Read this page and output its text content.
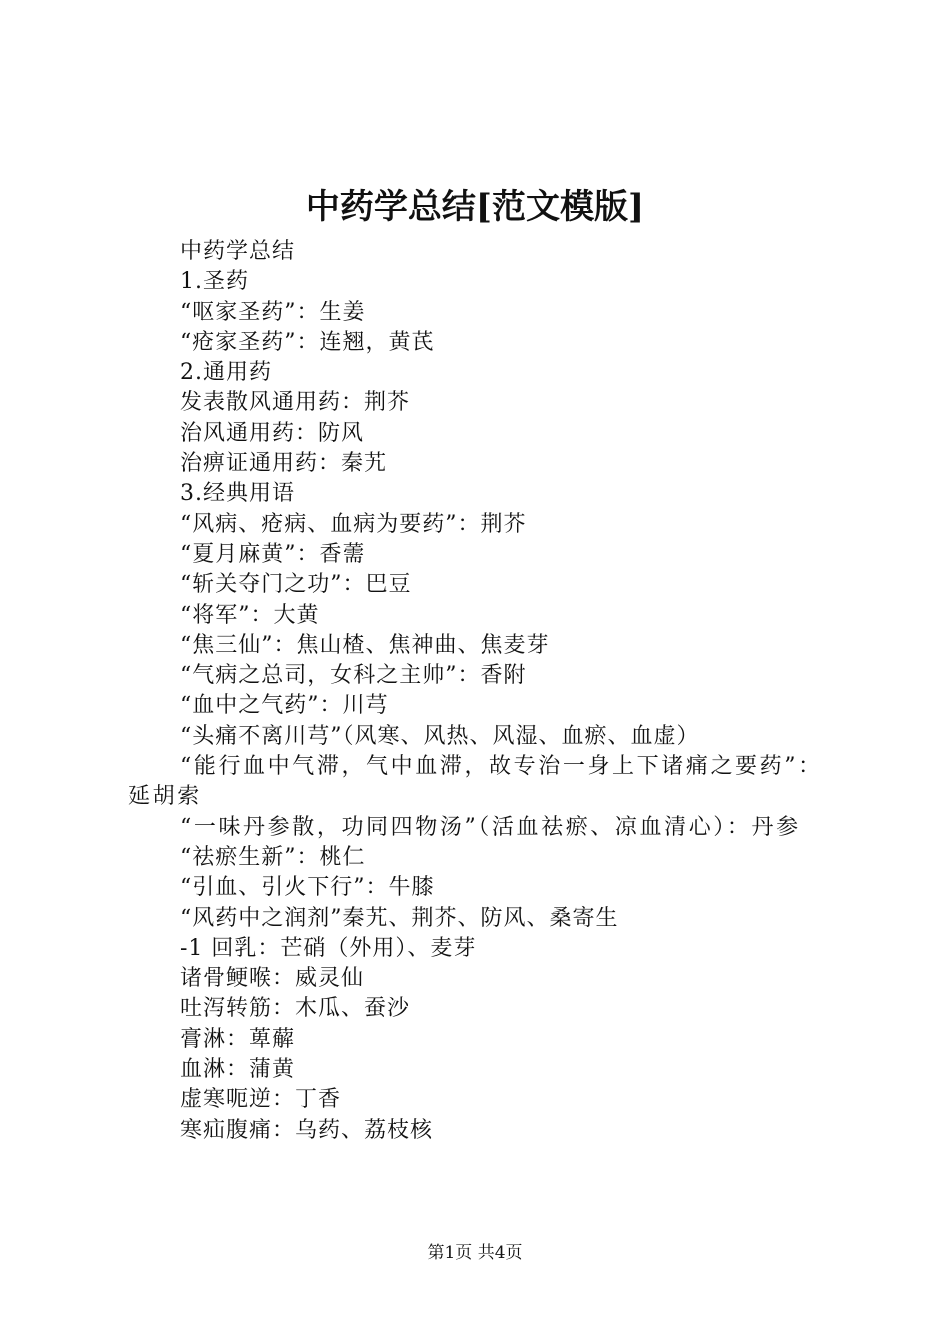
中药学总结[范文模版]
中药学总结
1.圣药
“呕家圣药”：生姜
“疮家圣药”：连翘，黄芪
2.通用药
发表散风通用药：荆芥
治风通用药：防风
治痹证通用药：秦艽
3.经典用语
“风病、疮病、血病为要药”：荆芥
“夏月麻黄”：香薷
“斩关夺门之功”：巴豆
“将军”：大黄
“焦三仙”：焦山楂、焦神曲、焦麦芽
“气病之总司，女科之主帅”：香附
“血中之气药”：川芎
“头痛不离川芎”（风寒、风热、风湿、血瘀、血虚）
“能行血中气滞，气中血滞，故专治一身上下诸痛之要药”：延胡索
“一味丹参散，功同四物汤”（活血祛瘀、凉血清心）：丹参
“祛瘀生新”：桃仁
“引血、引火下行”：牛膝
“风药中之润剂”秦艽、荆芥、防风、桑寄生
-1 回乳：芒硝（外用）、麦芽
诸骨鲠喉：威灵仙
吐泻转筋：木瓜、蚕沙
膏淋：萆薢
血淋：蒲黄
虚寒呃逆：丁香
寒疝腹痛：乌药、荔枝核
第1页 共4页
